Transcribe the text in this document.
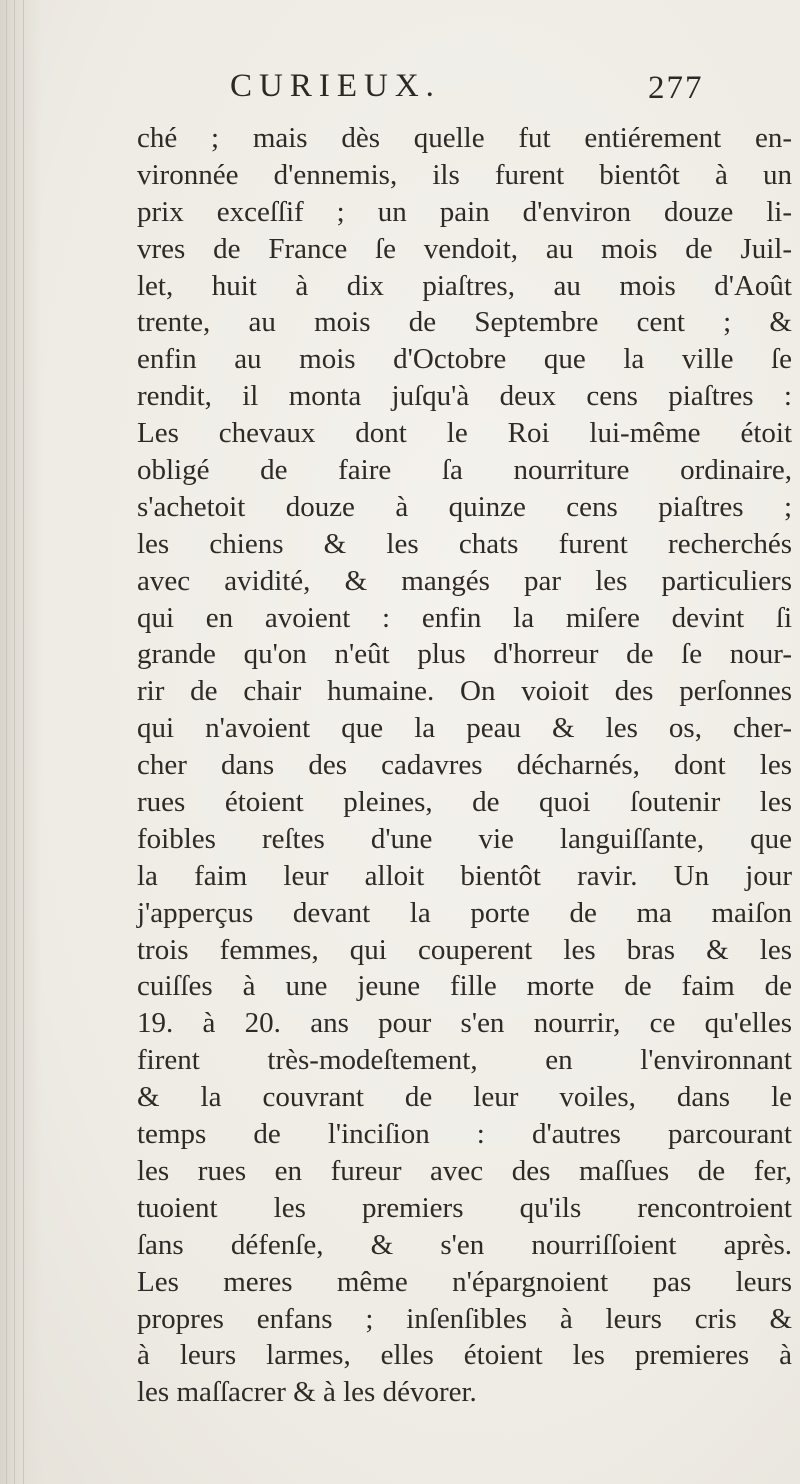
CURIEUX.	277
ché ; mais dès quelle fut entiérement en-
vironnée d'ennemis, ils furent bientôt à un
prix exceſſif ; un pain d'environ douze li-
vres de France ſe vendoit, au mois de Juil-
let, huit à dix piaſtres, au mois d'Août
trente, au mois de Septembre cent ; &
enfin au mois d'Octobre que la ville ſe
rendit, il monta juſqu'à deux cens piaſtres :
Les chevaux dont le Roi lui-même étoit
obligé de faire ſa nourriture ordinaire,
s'achetoit douze à quinze cens piaſtres ;
les chiens & les chats furent recherchés
avec avidité, & mangés par les particuliers
qui en avoient : enfin la miſere devint ſi
grande qu'on n'eût plus d'horreur de ſe nour-
rir de chair humaine. On voioit des perſonnes
qui n'avoient que la peau & les os, cher-
cher dans des cadavres décharnés, dont les
rues étoient pleines, de quoi ſoutenir les
foibles reſtes d'une vie languiſſante, que
la faim leur alloit bientôt ravir. Un jour
j'apperçus devant la porte de ma maiſon
trois femmes, qui couperent les bras & les
cuiſſes à une jeune fille morte de faim de
19. à 20. ans pour s'en nourrir, ce qu'elles
firent très-modeſtement, en l'environnant
& la couvrant de leur voiles, dans le
temps de l'inciſion : d'autres parcourant
les rues en fureur avec des maſſues de fer,
tuoient les premiers qu'ils rencontroient
ſans défenſe, & s'en nourriſſoient après.
Les meres même n'épargnoient pas leurs
propres enfans ; inſenſibles à leurs cris &
à leurs larmes, elles étoient les premieres à
les maſſacrer & à les dévorer.
